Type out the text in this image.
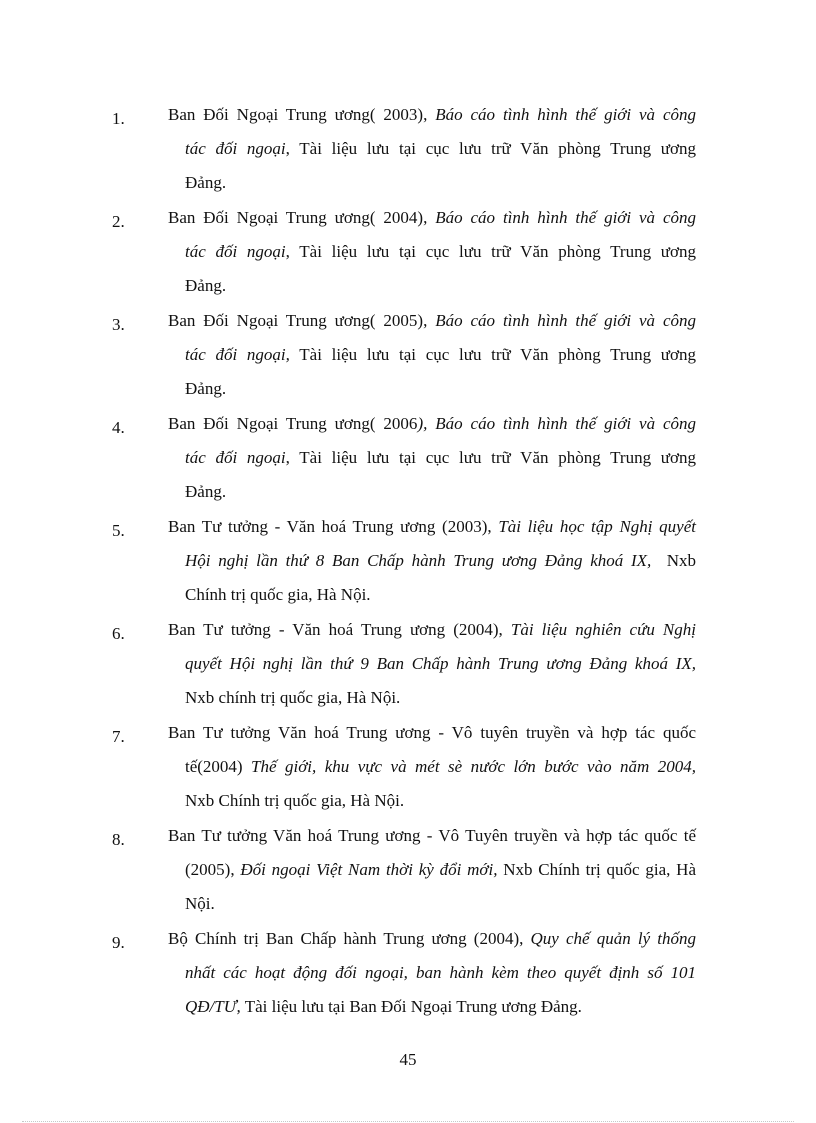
1.	Ban Đối Ngoại Trung ương( 2003), Báo cáo tình hình thế giới và công
tác đối ngoại, Tài liệu lưu tại cục lưu trữ Văn phòng Trung ương
Đảng.
2.	Ban Đối Ngoại Trung ương( 2004), Báo cáo tình hình thế giới và công
tác đối ngoại, Tài liệu lưu tại cục lưu trữ Văn phòng Trung ương
Đảng.
3.	Ban Đối Ngoại Trung ương( 2005), Báo cáo tình hình thế giới và công
tác đối ngoại, Tài liệu lưu tại cục lưu trữ Văn phòng Trung ương
Đảng.
4.	Ban Đối Ngoại Trung ương( 2006), Báo cáo tình hình thế giới và công
tác đối ngoại, Tài liệu lưu tại cục lưu trữ Văn phòng Trung ương
Đảng.
5.	Ban Tư tưởng - Văn hoá Trung ương (2003), Tài liệu học tập Nghị quyết
Hội nghị lần thứ 8 Ban Chấp hành Trung ương Đảng khoá IX,  Nxb
Chính trị quốc gia, Hà Nội.
6.	Ban Tư tưởng - Văn hoá Trung ương (2004), Tài liệu nghiên cứu Nghị
quyết Hội nghị lần thứ 9 Ban Chấp hành Trung ương Đảng khoá IX,
Nxb chính trị quốc gia, Hà Nội.
7.	Ban Tư tưởng Văn hoá Trung ương - Vô tuyên truyền và hợp tác quốc
tế(2004) Thế giới, khu vực và mét sè nước lớn bước vào năm 2004,
Nxb Chính trị quốc gia, Hà Nội.
8.	Ban Tư tưởng Văn hoá Trung ương - Vô Tuyên truyền và hợp tác quốc tế
(2005), Đối ngoại Việt Nam thời kỳ đổi mới, Nxb Chính trị quốc gia, Hà
Nội.
9.	Bộ Chính trị Ban Chấp hành Trung ương (2004), Quy chế quản lý thống
nhất các hoạt động đối ngoại, ban hành kèm theo quyết định số 101
QĐ/TƯ, Tài liệu lưu tại Ban Đối Ngoại Trung ương Đảng.
45
